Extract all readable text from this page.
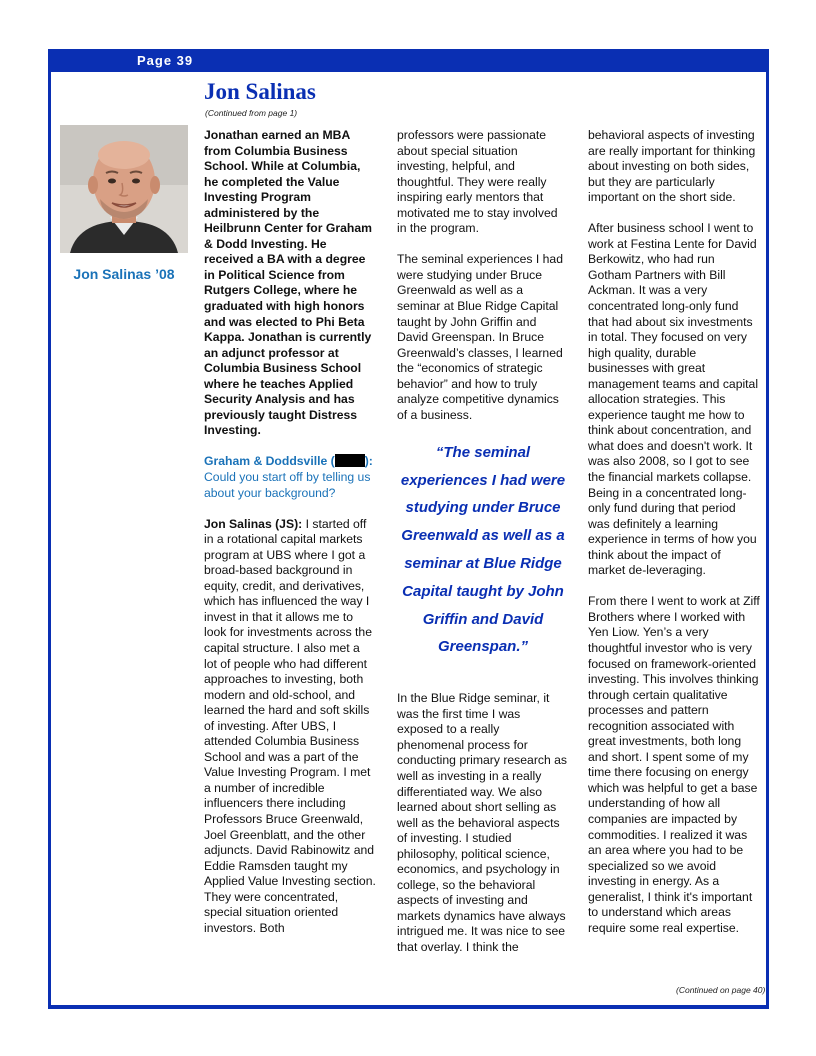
Page 39
Jon Salinas
(Continued from page 1)
Jon Salinas ’08

Jonathan earned an MBA from Columbia Business School. While at Columbia, he completed the Value Investing Program administered by the Heilbrunn Center for Graham & Dodd Investing. He received a BA with a degree in Political Science from Rutgers College, where he graduated with high honors and was elected to Phi Beta Kappa. Jonathan is currently an adjunct professor at Columbia Business School where he teaches Applied Security Analysis and has previously taught Distress Investing.

Graham & Doddsville ( ): Could you start off by telling us about your background?

Jon Salinas (JS): I started off in a rotational capital markets program at UBS where I got a broad-based background in equity, credit, and derivatives, which has influenced the way I invest in that it allows me to look for investments across the capital structure. I also met a lot of people who had different approaches to investing, both modern and old-school, and learned the hard and soft skills of investing. After UBS, I attended Columbia Business School and was a part of the Value Investing Program. I met a number of incredible influencers there including Professors Bruce Greenwald, Joel Greenblatt, and the other adjuncts. David Rabinowitz and Eddie Ramsden taught my Applied Value Investing section. They were concentrated, special situation oriented investors. Both

professors were passionate about special situation investing, helpful, and thoughtful. They were really inspiring early mentors that motivated me to stay involved in the program.

The seminal experiences I had were studying under Bruce Greenwald as well as a seminar at Blue Ridge Capital taught by John Griffin and David Greenspan. In Bruce Greenwald’s classes, I learned the “economics of strategic behavior” and how to truly analyze competitive dynamics of a business.

“The seminal experiences I had were studying under Bruce Greenwald as well as a seminar at Blue Ridge Capital taught by John Griffin and David Greenspan.”

In the Blue Ridge seminar, it was the first time I was exposed to a really phenomenal process for conducting primary research as well as investing in a really differentiated way. We also learned about short selling as well as the behavioral aspects of investing. I studied philosophy, political science, economics, and psychology in college, so the behavioral aspects of investing and markets dynamics have always intrigued me. It was nice to see that overlay. I think the

behavioral aspects of investing are really important for thinking about investing on both sides, but they are particularly important on the short side.

After business school I went to work at Festina Lente for David Berkowitz, who had run Gotham Partners with Bill Ackman. It was a very concentrated long-only fund that had about six investments in total. They focused on very high quality, durable businesses with great management teams and capital allocation strategies. This experience taught me how to think about concentration, and what does and doesn't work. It was also 2008, so I got to see the financial markets collapse. Being in a concentrated long-only fund during that period was definitely a learning experience in terms of how you think about the impact of market de-leveraging.

From there I went to work at Ziff Brothers where I worked with Yen Liow. Yen’s a very thoughtful investor who is very focused on framework-oriented investing. This involves thinking through certain qualitative processes and pattern recognition associated with great investments, both long and short. I spent some of my time there focusing on energy which was helpful to get a base understanding of how all companies are impacted by commodities. I realized it was an area where you had to be specialized so we avoid investing in energy. As a generalist, I think it's important to understand which areas require some real expertise.

(Continued on page 40)
